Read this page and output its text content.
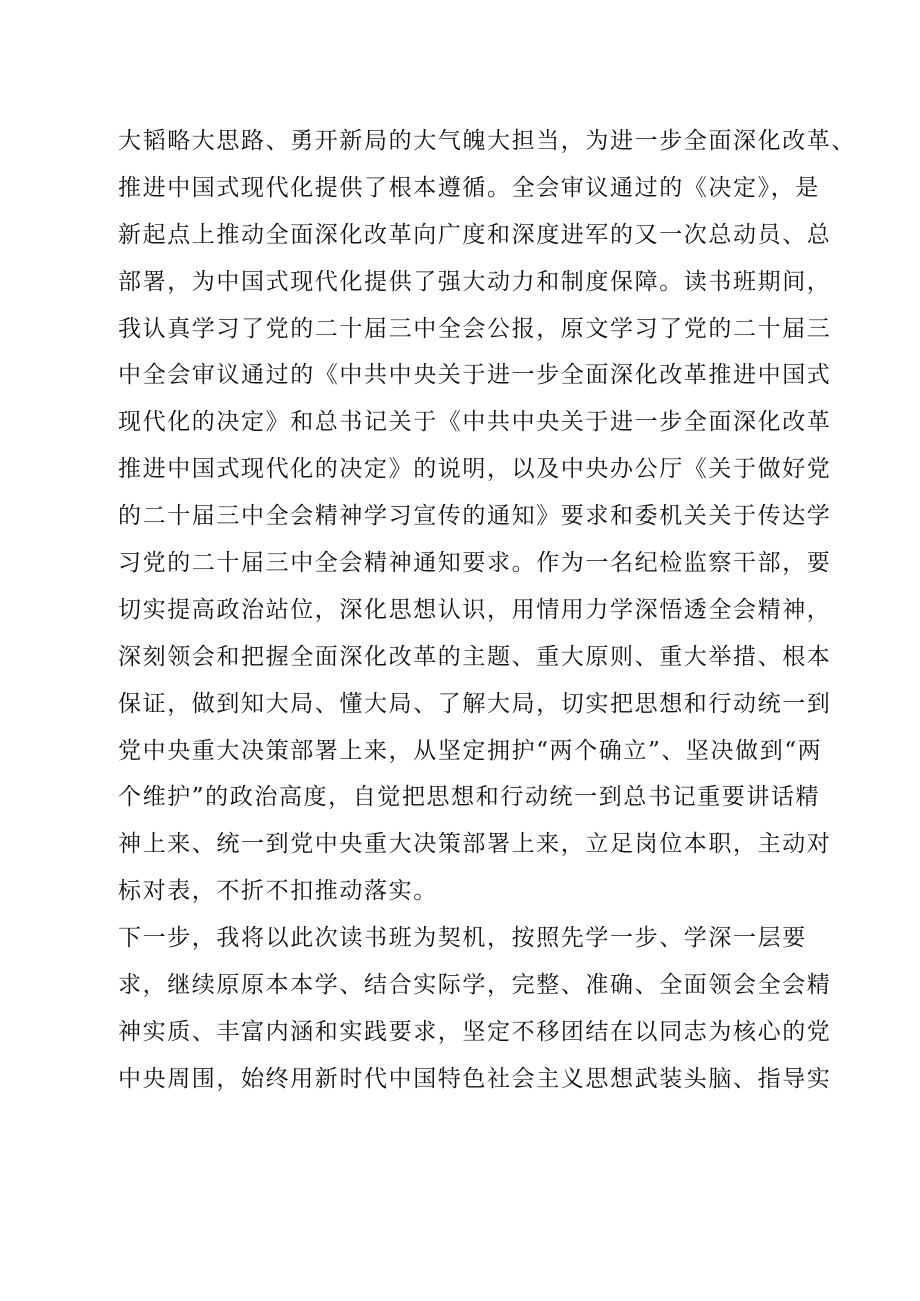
大韬略大思路、勇开新局的大气魄大担当，为进一步全面深化改革、
推进中国式现代化提供了根本遵循。全会审议通过的《决定》，是
新起点上推动全面深化改革向广度和深度进军的又一次总动员、总
部署，为中国式现代化提供了强大动力和制度保障。读书班期间，
我认真学习了党的二十届三中全会公报，原文学习了党的二十届三
中全会审议通过的《中共中央关于进一步全面深化改革推进中国式
现代化的决定》和总书记关于《中共中央关于进一步全面深化改革
推进中国式现代化的决定》的说明，以及中央办公厅《关于做好党
的二十届三中全会精神学习宣传的通知》要求和委机关关于传达学
习党的二十届三中全会精神通知要求。作为一名纪检监察干部，要
切实提高政治站位，深化思想认识，用情用力学深悟透全会精神，
深刻领会和把握全面深化改革的主题、重大原则、重大举措、根本
保证，做到知大局、懂大局、了解大局，切实把思想和行动统一到
党中央重大决策部署上来，从坚定拥护“两个确立”、坚决做到“两
个维护”的政治高度，自觉把思想和行动统一到总书记重要讲话精
神上来、统一到党中央重大决策部署上来，立足岗位本职，主动对
标对表，不折不扣推动落实。
下一步，我将以此次读书班为契机，按照先学一步、学深一层要
求，继续原原本本学、结合实际学，完整、准确、全面领会全会精
神实质、丰富内涵和实践要求，坚定不移团结在以同志为核心的党
中央周围，始终用新时代中国特色社会主义思想武装头脑、指导实
